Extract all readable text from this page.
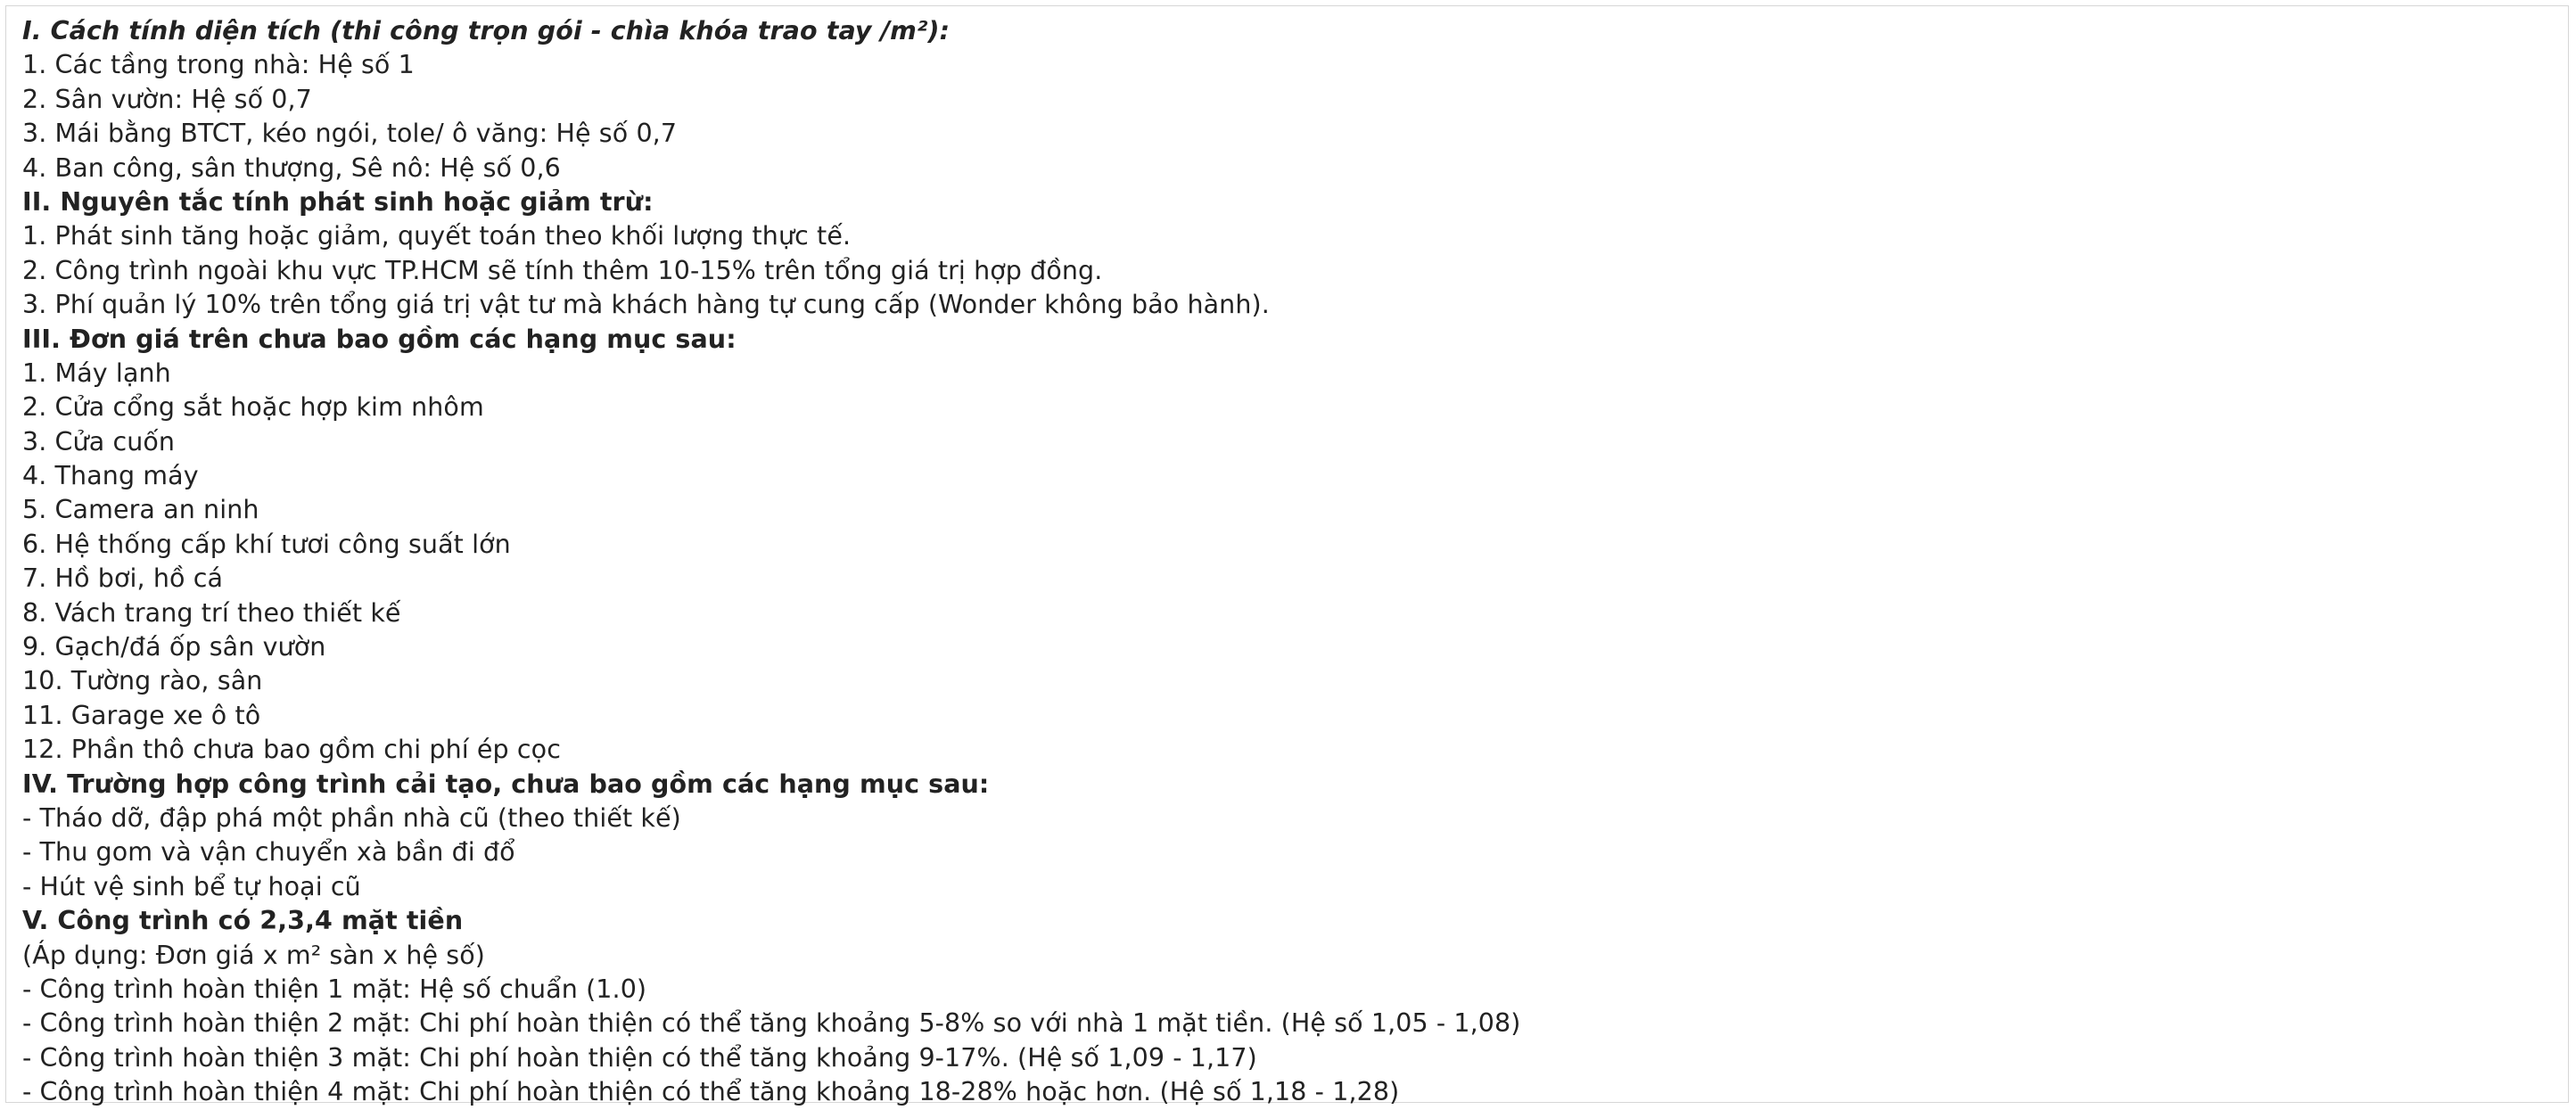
I. Cách tính diện tích (thi công trọn gói - chìa khóa trao tay /m²):
1. Các tầng trong nhà: Hệ số 1
2. Sân vườn: Hệ số 0,7
3. Mái bằng BTCT, kéo ngói, tole/ ô văng: Hệ số 0,7
4. Ban công, sân thượng, Sê nô: Hệ số 0,6
II. Nguyên tắc tính phát sinh hoặc giảm trừ:
1. Phát sinh tăng hoặc giảm, quyết toán theo khối lượng thực tế.
2. Công trình ngoài khu vực TP.HCM sẽ tính thêm 10-15% trên tổng giá trị hợp đồng.
3. Phí quản lý 10% trên tổng giá trị vật tư mà khách hàng tự cung cấp (Wonder không bảo hành).
III. Đơn giá trên chưa bao gồm các hạng mục sau:
1. Máy lạnh
2. Cửa cổng sắt hoặc hợp kim nhôm
3. Cửa cuốn
4. Thang máy
5. Camera an ninh
6. Hệ thống cấp khí tươi công suất lớn
7. Hồ bơi, hồ cá
8. Vách trang trí theo thiết kế
9. Gạch/đá ốp sân vườn
10. Tường rào, sân
11. Garage xe ô tô
12. Phần thô chưa bao gồm chi phí ép cọc
IV. Trường hợp công trình cải tạo, chưa bao gồm các hạng mục sau:
- Tháo dỡ, đập phá một phần nhà cũ (theo thiết kế)
- Thu gom và vận chuyển xà bần đi đổ
- Hút vệ sinh bể tự hoại cũ
V. Công trình có 2,3,4 mặt tiền
(Áp dụng: Đơn giá x m² sàn x hệ số)
- Công trình hoàn thiện 1 mặt: Hệ số chuẩn (1.0)
- Công trình hoàn thiện 2 mặt: Chi phí hoàn thiện có thể tăng khoảng 5-8% so với nhà 1 mặt tiền. (Hệ số 1,05 - 1,08)
- Công trình hoàn thiện 3 mặt: Chi phí hoàn thiện có thể tăng khoảng 9-17%. (Hệ số 1,09 - 1,17)
- Công trình hoàn thiện 4 mặt: Chi phí hoàn thiện có thể tăng khoảng 18-28% hoặc hơn. (Hệ số 1,18 - 1,28)
